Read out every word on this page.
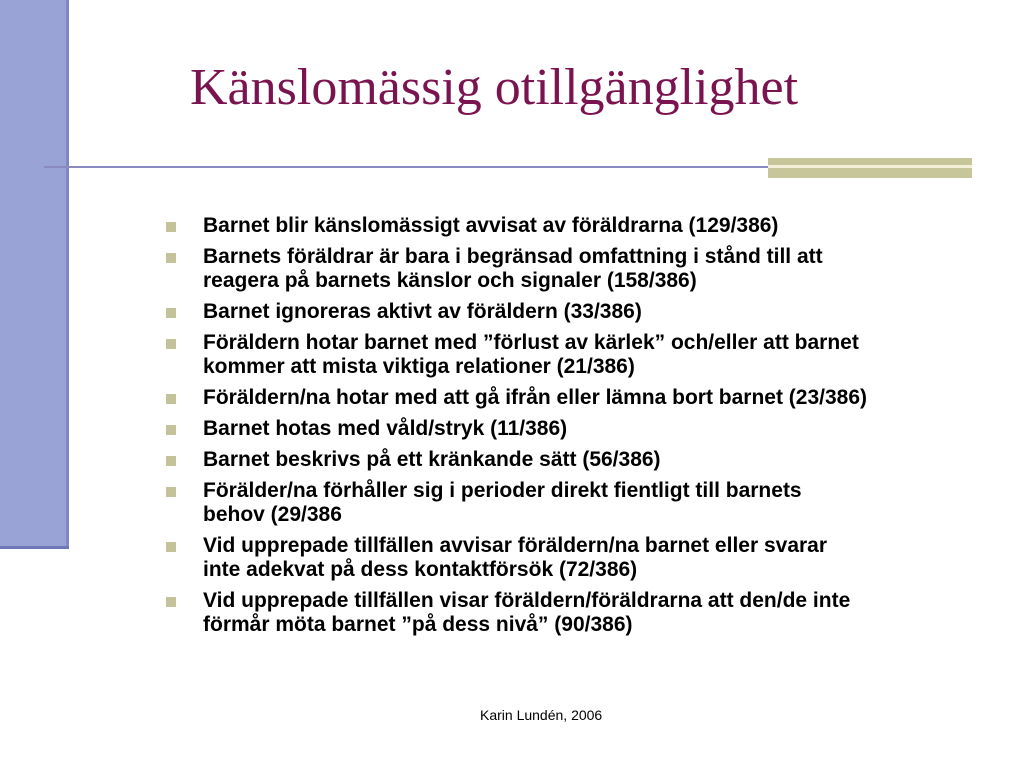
Känslomässig otillgänglighet
Barnet blir känslomässigt avvisat av föräldrarna (129/386)
Barnets föräldrar är bara i begränsad omfattning i stånd till att
reagera på barnets känslor och signaler (158/386)
Barnet ignoreras aktivt av föräldern (33/386)
Föräldern hotar barnet med ”förlust av kärlek” och/eller att barnet
kommer att mista viktiga relationer (21/386)
Föräldern/na hotar med att gå ifrån eller lämna bort barnet (23/386)
Barnet hotas med våld/stryk (11/386)
Barnet beskrivs på ett kränkande sätt (56/386)
Förälder/na förhåller sig i perioder direkt fientligt till barnets
behov (29/386
Vid upprepade tillfällen avvisar föräldern/na barnet eller svarar
inte adekvat på dess kontaktförsök (72/386)
Vid upprepade tillfällen visar föräldern/föräldrarna att den/de inte
förmår möta barnet ”på dess nivå” (90/386)
Karin Lundén, 2006
